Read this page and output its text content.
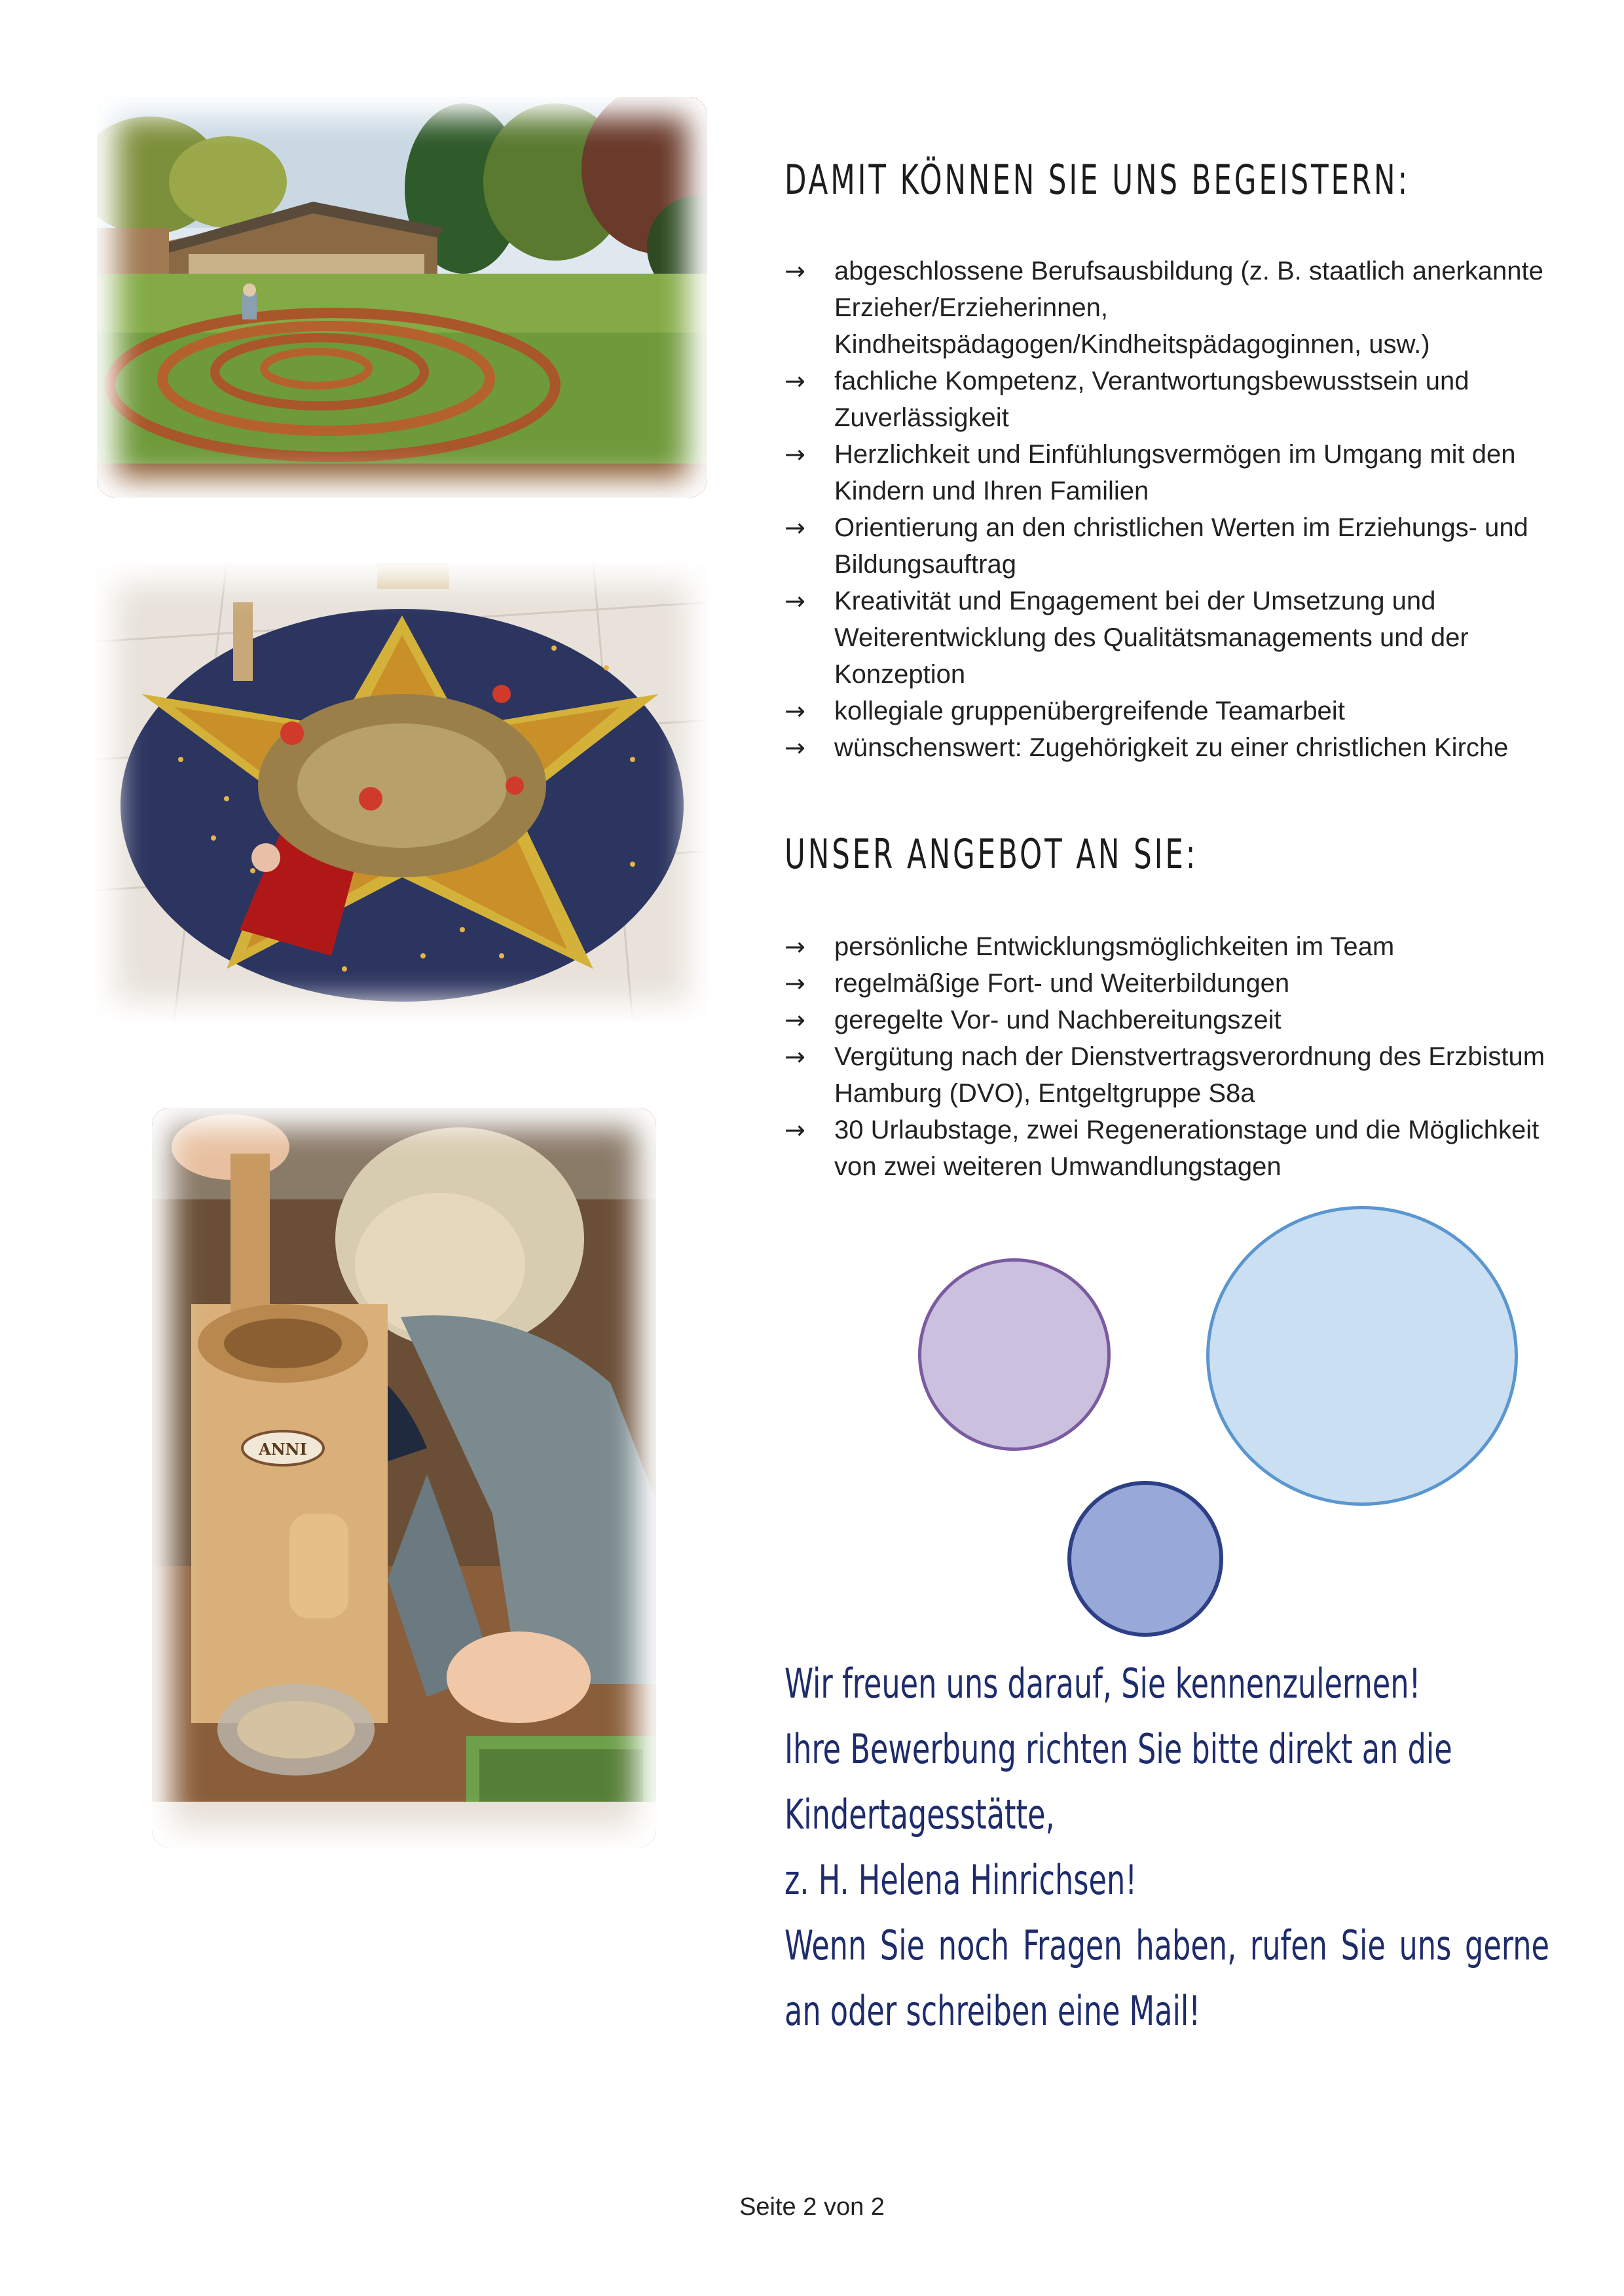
ANNI
DAMIT KÖNNEN SIE UNS BEGEISTERN:
→	abgeschlossene Berufsausbildung (z. B. staatlich anerkannte Erzieher/Erzieherinnen, Kindheitspädagogen/Kindheitspädagoginnen, usw.)
→	fachliche Kompetenz, Verantwortungsbewusstsein und Zuverlässigkeit
→	Herzlichkeit und Einfühlungsvermögen im Umgang mit den Kindern und Ihren Familien
→	Orientierung an den christlichen Werten im Erziehungs- und Bildungsauftrag
→	Kreativität und Engagement bei der Umsetzung und Weiterentwicklung des Qualitätsmanagements und der Konzeption
→	kollegiale gruppenübergreifende Teamarbeit
→	wünschenswert: Zugehörigkeit zu einer christlichen Kirche
UNSER ANGEBOT AN SIE:
→	persönliche Entwicklungsmöglichkeiten im Team
→	regelmäßige Fort- und Weiterbildungen
→	geregelte Vor- und Nachbereitungszeit
→	Vergütung nach der Dienstvertragsverordnung des Erzbistum Hamburg (DVO), Entgeltgruppe S8a
→	30 Urlaubstage, zwei Regenerationstage und die Möglichkeit von zwei weiteren Umwandlungstagen

Wir freuen uns darauf, Sie kennenzulernen!

Ihre Bewerbung richten Sie bitte direkt an die Kindertagesstätte,

z. H. Helena Hinrichsen!

Wenn Sie noch Fragen haben, rufen Sie uns gerne an oder schreiben eine Mail!

Seite 2 von 2
